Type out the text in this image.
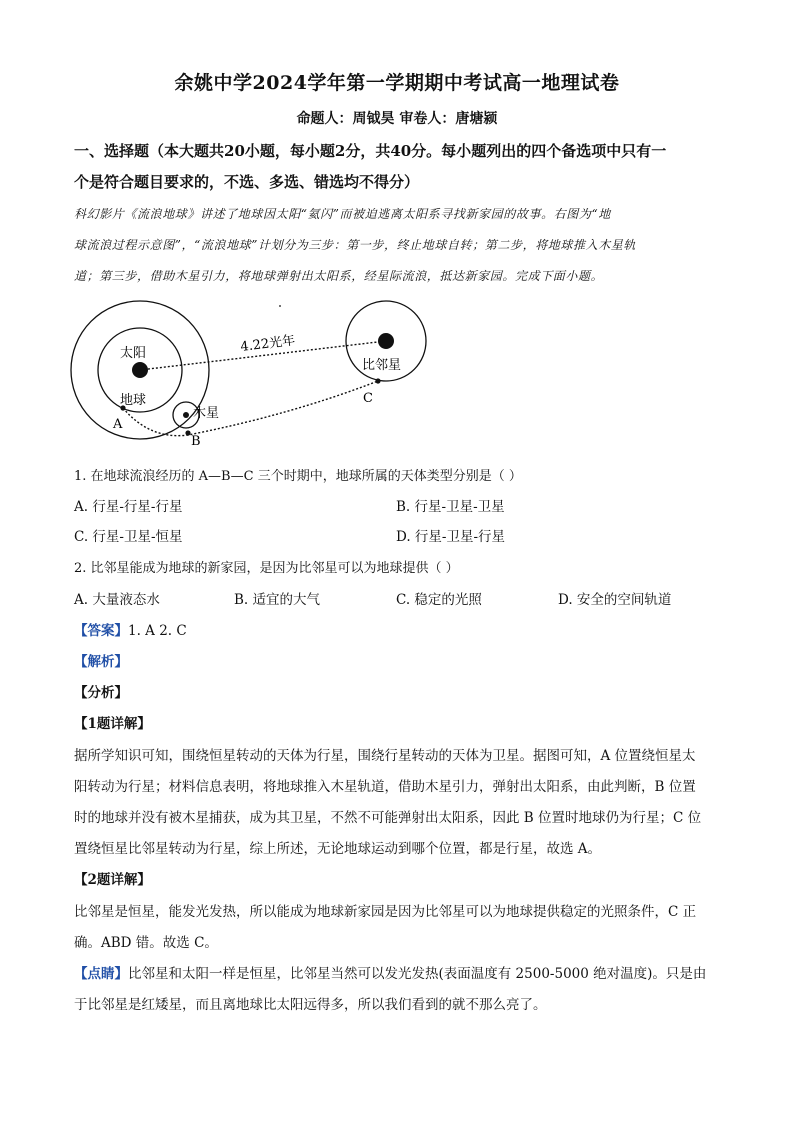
余姚中学2024学年第一学期期中考试高一地理试卷
命题人：周钺昊 审卷人：唐塘颍
一、选择题（本大题共20小题，每小题2分，共40分。每小题列出的四个备选项中只有一
个是符合题目要求的，不选、多选、错选均不得分）
科幻影片《流浪地球》讲述了地球因太阳“氦闪”而被迫逃离太阳系寻找新家园的故事。右图为“地
球流浪过程示意图”，“流浪地球”计划分为三步：第一步，终止地球自转；第二步，将地球推入木星轨
道；第三步，借助木星引力，将地球弹射出太阳系，经星际流浪，抵达新家园。完成下面小题。
太阳
地球
木星
比邻星
4.22光年
A
B
C
1. 在地球流浪经历的 A—B—C 三个时期中，地球所属的天体类型分别是（ ）
A. 行星-行星-行星	B. 行星-卫星-卫星
C. 行星-卫星-恒星	D. 行星-卫星-行星
2. 比邻星能成为地球的新家园，是因为比邻星可以为地球提供（ ）
A. 大量液态水	B. 适宜的大气	C. 稳定的光照	D. 安全的空间轨道
【答案】1. A 2. C
【解析】
【分析】
【1题详解】
据所学知识可知，围绕恒星转动的天体为行星，围绕行星转动的天体为卫星。据图可知，A 位置绕恒星太
阳转动为行星；材料信息表明，将地球推入木星轨道，借助木星引力，弹射出太阳系，由此判断，B 位置
时的地球并没有被木星捕获，成为其卫星，不然不可能弹射出太阳系，因此 B 位置时地球仍为行星；C 位
置绕恒星比邻星转动为行星，综上所述，无论地球运动到哪个位置，都是行星，故选 A。
【2题详解】
比邻星是恒星，能发光发热，所以能成为地球新家园是因为比邻星可以为地球提供稳定的光照条件，C 正
确。ABD 错。故选 C。
【点睛】比邻星和太阳一样是恒星，比邻星当然可以发光发热(表面温度有 2500-5000 绝对温度)。只是由
于比邻星是红矮星，而且离地球比太阳远得多，所以我们看到的就不那么亮了。
